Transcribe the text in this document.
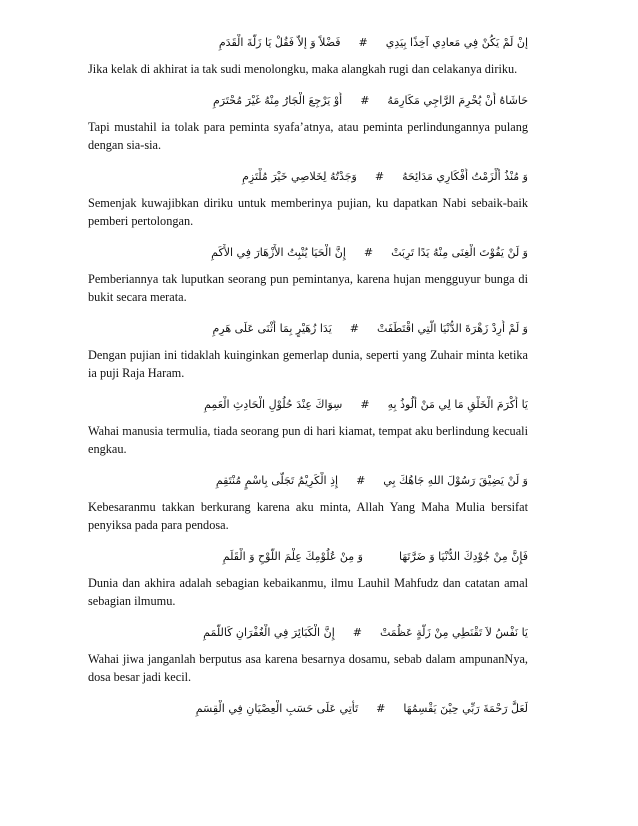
إنْ لَمْ يَكُنْ فِي مَعادِي آخِذًا بِيَدِي#فَضْلاً وَ إلاّ فَقُلْ يَا زَلَّةَ الْقَدَمِ

Jika kelak di akhirat ia tak sudi menolongku, maka alangkah rugi dan celakanya diriku.

حَاشَاهُ أَنْ يُحْرِمَ الرَّاجِي مَكَارِمَهُ#أَوْ يَرْجِعَ الْجَارُ مِنْهُ غَيْرَ مُحْتَرَمِ

Tapi mustahil ia tolak para peminta syafa’atnya, atau peminta perlindungannya pulang dengan sia-sia.

وَ مُنْذُ أَلْزَمْتُ أَفْكَارِي مَدَائِحَهُ#وَجَدْتُهُ لِخَلاصِي خَيْرَ مُلْتَزِمِ

Semenjak kuwajibkan diriku untuk memberinya pujian, ku dapatkan Nabi sebaik-baik pemberi pertolongan.

وَ لَنْ يَفُوْتَ الْغِنَى مِنْهُ يَدًا تَرِبَتْ#إِنَّ الْحَيَا يُنْبِتُ الأَزْهَارَ فِي الأَكَمِ

Pemberiannya tak luputkan seorang pun pemintanya, karena hujan mengguyur bunga di bukit secara merata.

وَ لَمْ أُرِدْ زَهْرَةَ الدُّنْيَا الَّتِي اقْتَطَفَتْ#يَدَا زُهَيْرٍ بِمَا أَثْنَى عَلَى هَرِمِ

Dengan pujian ini tidaklah kuinginkan gemerlap dunia, seperti yang Zuhair minta ketika ia puji Raja Haram.

يَا أَكْرَمَ الْخَلْقِ مَا لِي مَنْ أَلُوذُ بِهِ#سِوَاكَ عِنْدَ حُلُوْلِ الْحَادِثِ الْعَمِمِ

Wahai manusia termulia, tiada seorang pun di hari kiamat, tempat aku berlindung kecuali engkau.

وَ لَنْ يَضِيْقَ رَسُوْلَ اللهِ جَاهُكَ بِي#إِذِ الْكَرِيْمُ تَجَلَّى بِاسْمٍ مُنْتَقِمِ

Kebesaranmu takkan berkurang karena aku minta, Allah Yang Maha Mulia bersifat penyiksa pada para pendosa.

فَإِنَّ مِنْ جُوْدِكَ الدُّنْيَا وَ ضَرَّتَهَاوَ مِنْ عُلُوْمِكَ عِلْمَ اللَّوْحِ وَ الْقَلَمِ

Dunia dan akhira adalah sebagian kebaikanmu, ilmu Lauhil Mahfudz dan catatan amal sebagian ilmumu.

يَا نَفْسُ لاَ تَقْنَطِي مِنْ زَلَّةٍ عَظُمَتْ#إِنَّ الْكَبَائِرَ فِي الْغُفْرَانِ كَاللَّمَمِ

Wahai jiwa janganlah berputus asa karena besarnya dosamu, sebab dalam ampunanNya, dosa besar jadi kecil.

لَعَلَّ رَحْمَةَ رَبِّي حِيْنَ يَقْسِمُهَا#تَأْتِي عَلَى حَسَبِ الْعِصْيَانِ فِي الْقِسَمِ
